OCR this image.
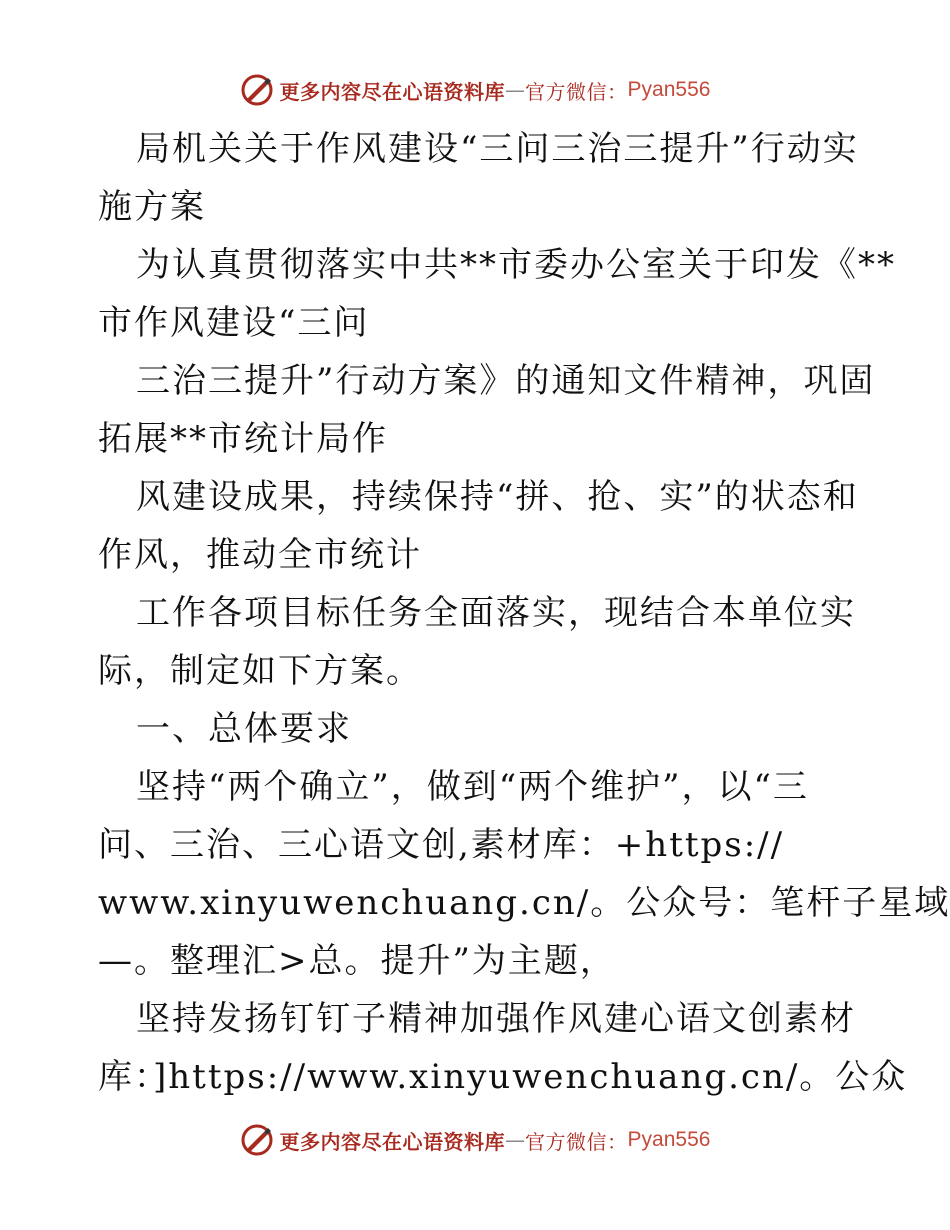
更多内容尽在心语资料库 — 官方微信： Pyan556
局机关关于作风建设“三问三治三提升”行动实
施方案
为认真贯彻落实中共**市委办公室关于印发《**
市作风建设“三问
三治三提升”行动方案》的通知文件精神，巩固
拓展**市统计局作
风建设成果，持续保持“拼、抢、实”的状态和
作风，推动全市统计
工作各项目标任务全面落实，现结合本单位实
际，制定如下方案。
一、总体要求
坚持“两个确立”，做到“两个维护”，以“三
问、三治、三心语文创,素材库：+https://
www.xinyuwenchuang.cn/。公众号：笔杆子星域
—。整理汇>总。提升”为主题，
坚持发扬钉钉子精神加强作风建心语文创素材
库：]https://www.xinyuwenchuang.cn/。公众
更多内容尽在心语资料库 — 官方微信： Pyan556
